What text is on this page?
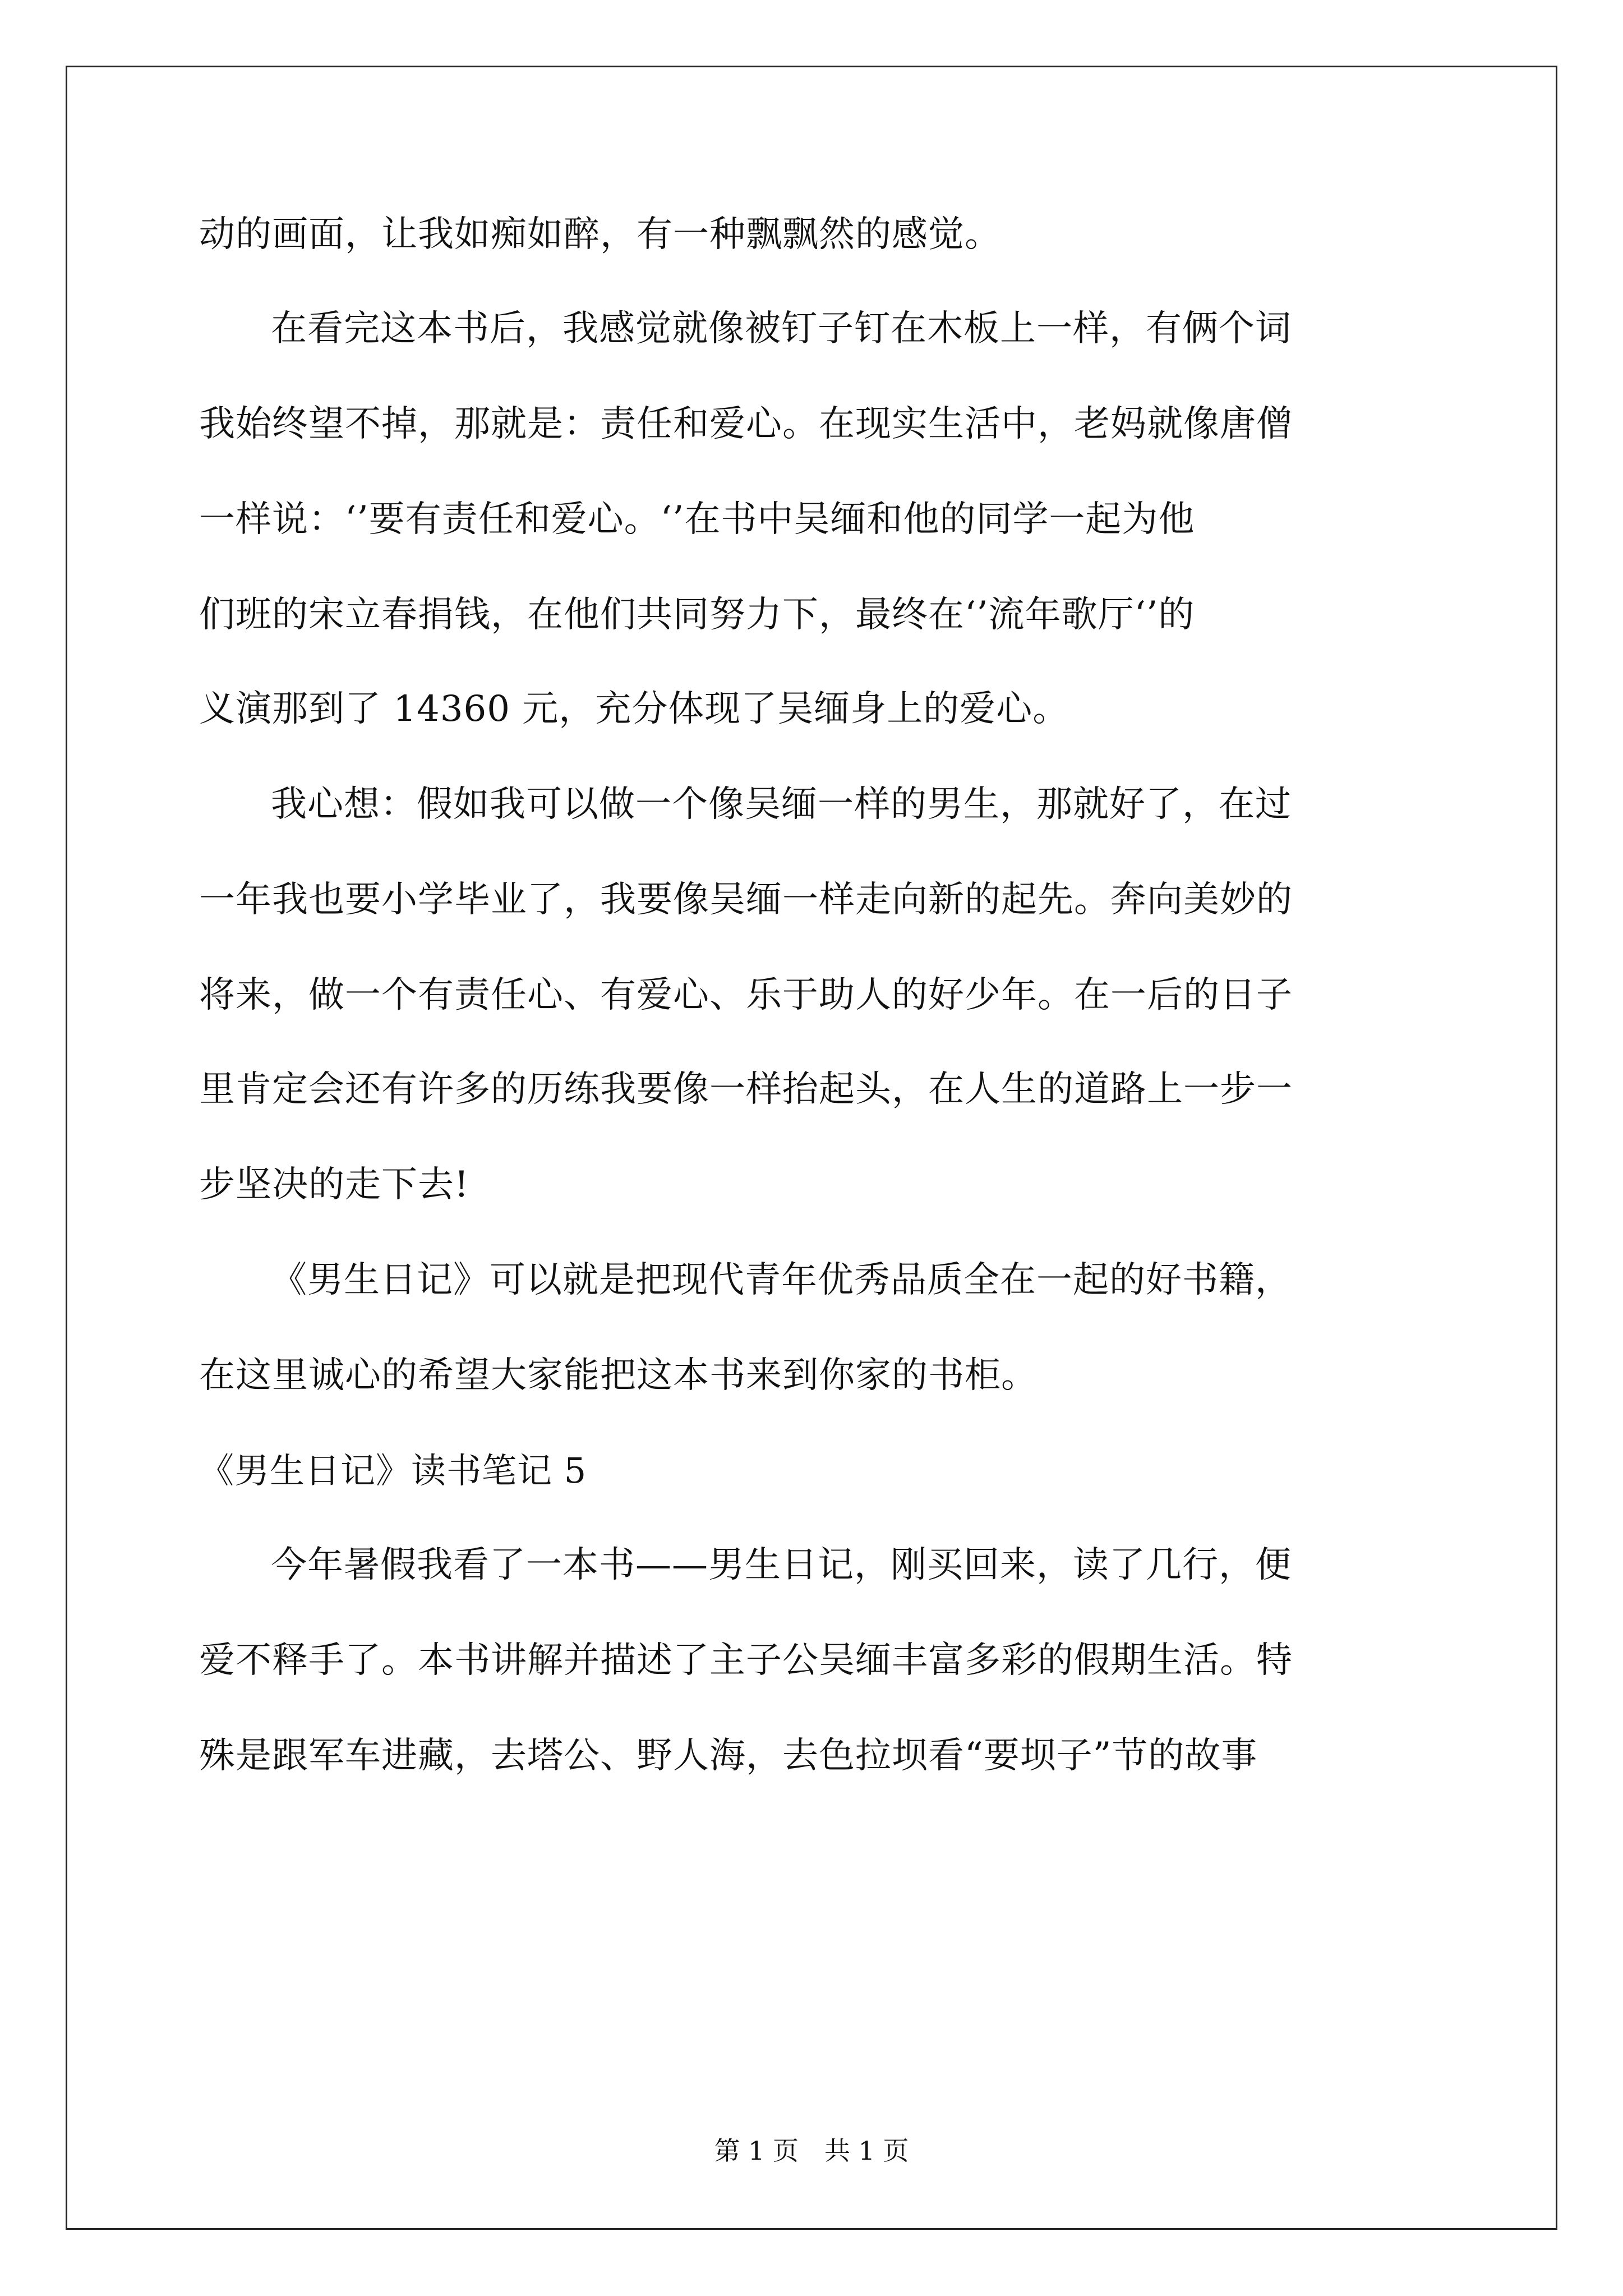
动的画面，让我如痴如醉，有一种飘飘然的感觉。
在看完这本书后，我感觉就像被钉子钉在木板上一样，有俩个词
我始终望不掉，那就是：责任和爱心。在现实生活中，老妈就像唐僧
一样说：‘’要有责任和爱心。‘’在书中吴缅和他的同学一起为他
们班的宋立春捐钱，在他们共同努力下，最终在‘’流年歌厅‘’的
义演那到了 14360 元，充分体现了吴缅身上的爱心。
我心想：假如我可以做一个像吴缅一样的男生，那就好了，在过
一年我也要小学毕业了，我要像吴缅一样走向新的起先。奔向美妙的
将来，做一个有责任心、有爱心、乐于助人的好少年。在一后的日子
里肯定会还有许多的历练我要像一样抬起头，在人生的道路上一步一
步坚决的走下去!
《男生日记》可以就是把现代青年优秀品质全在一起的好书籍，
在这里诚心的希望大家能把这本书来到你家的书柜。
《男生日记》读书笔记 5
今年暑假我看了一本书——男生日记，刚买回来，读了几行，便
爱不释手了。本书讲解并描述了主子公吴缅丰富多彩的假期生活。特
殊是跟军车进藏，去塔公、野人海，去色拉坝看“要坝子”节的故事
第 1 页　共 1 页
